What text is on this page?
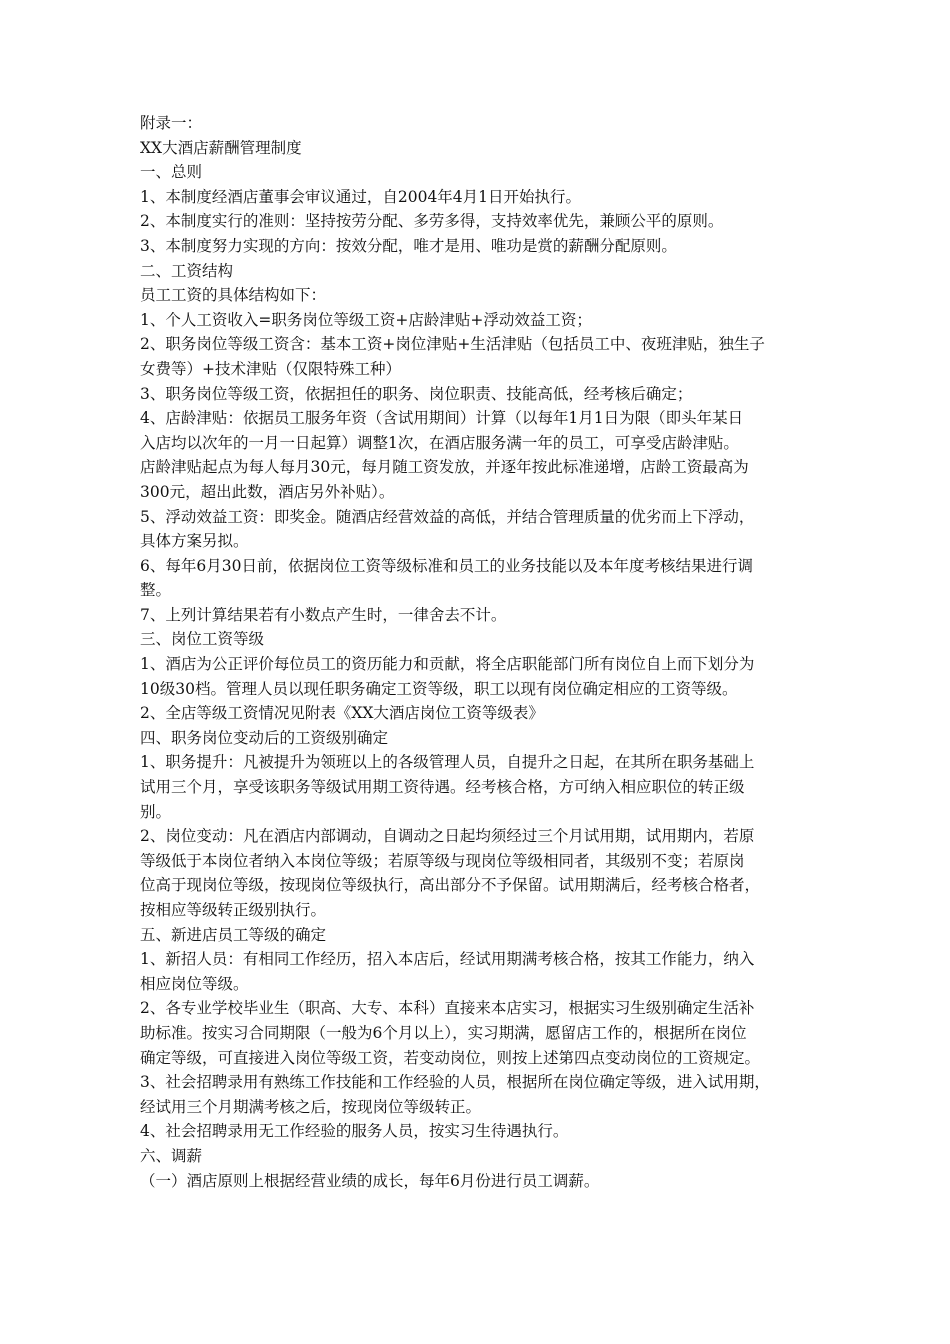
附录一：
XX大酒店薪酬管理制度
一、总则
1、本制度经酒店董事会审议通过，自2004年4月1日开始执行。
2、本制度实行的准则：坚持按劳分配、多劳多得，支持效率优先，兼顾公平的原则。
3、本制度努力实现的方向：按效分配，唯才是用、唯功是赏的薪酬分配原则。
二、工资结构
员工工资的具体结构如下：
1、个人工资收入=职务岗位等级工资+店龄津贴+浮动效益工资；
2、职务岗位等级工资含：基本工资+岗位津贴+生活津贴（包括员工中、夜班津贴，独生子
女费等）+技术津贴（仅限特殊工种）
3、职务岗位等级工资，依据担任的职务、岗位职责、技能高低，经考核后确定；
4、店龄津贴：依据员工服务年资（含试用期间）计算（以每年1月1日为限（即头年某日
入店均以次年的一月一日起算）调整1次，在酒店服务满一年的员工，可享受店龄津贴。
店龄津贴起点为每人每月30元，每月随工资发放，并逐年按此标准递增，店龄工资最高为
300元，超出此数，酒店另外补贴）。
5、浮动效益工资：即奖金。随酒店经营效益的高低，并结合管理质量的优劣而上下浮动，
具体方案另拟。
6、每年6月30日前，依据岗位工资等级标准和员工的业务技能以及本年度考核结果进行调
整。
7、上列计算结果若有小数点产生时，一律舍去不计。
三、岗位工资等级
1、酒店为公正评价每位员工的资历能力和贡献，将全店职能部门所有岗位自上而下划分为
10级30档。管理人员以现任职务确定工资等级，职工以现有岗位确定相应的工资等级。
2、全店等级工资情况见附表《XX大酒店岗位工资等级表》
四、职务岗位变动后的工资级别确定
1、职务提升：凡被提升为领班以上的各级管理人员，自提升之日起，在其所在职务基础上
试用三个月，享受该职务等级试用期工资待遇。经考核合格，方可纳入相应职位的转正级
别。
2、岗位变动：凡在酒店内部调动，自调动之日起均须经过三个月试用期，试用期内，若原
等级低于本岗位者纳入本岗位等级；若原等级与现岗位等级相同者，其级别不变；若原岗
位高于现岗位等级，按现岗位等级执行，高出部分不予保留。试用期满后，经考核合格者，
按相应等级转正级别执行。
五、新进店员工等级的确定
1、新招人员：有相同工作经历，招入本店后，经试用期满考核合格，按其工作能力，纳入
相应岗位等级。
2、各专业学校毕业生（职高、大专、本科）直接来本店实习，根据实习生级别确定生活补
助标准。按实习合同期限（一般为6个月以上），实习期满，愿留店工作的，根据所在岗位
确定等级，可直接进入岗位等级工资，若变动岗位，则按上述第四点变动岗位的工资规定。
3、社会招聘录用有熟练工作技能和工作经验的人员，根据所在岗位确定等级，进入试用期，
经试用三个月期满考核之后，按现岗位等级转正。
4、社会招聘录用无工作经验的服务人员，按实习生待遇执行。
六、调薪
（一）酒店原则上根据经营业绩的成长，每年6月份进行员工调薪。
